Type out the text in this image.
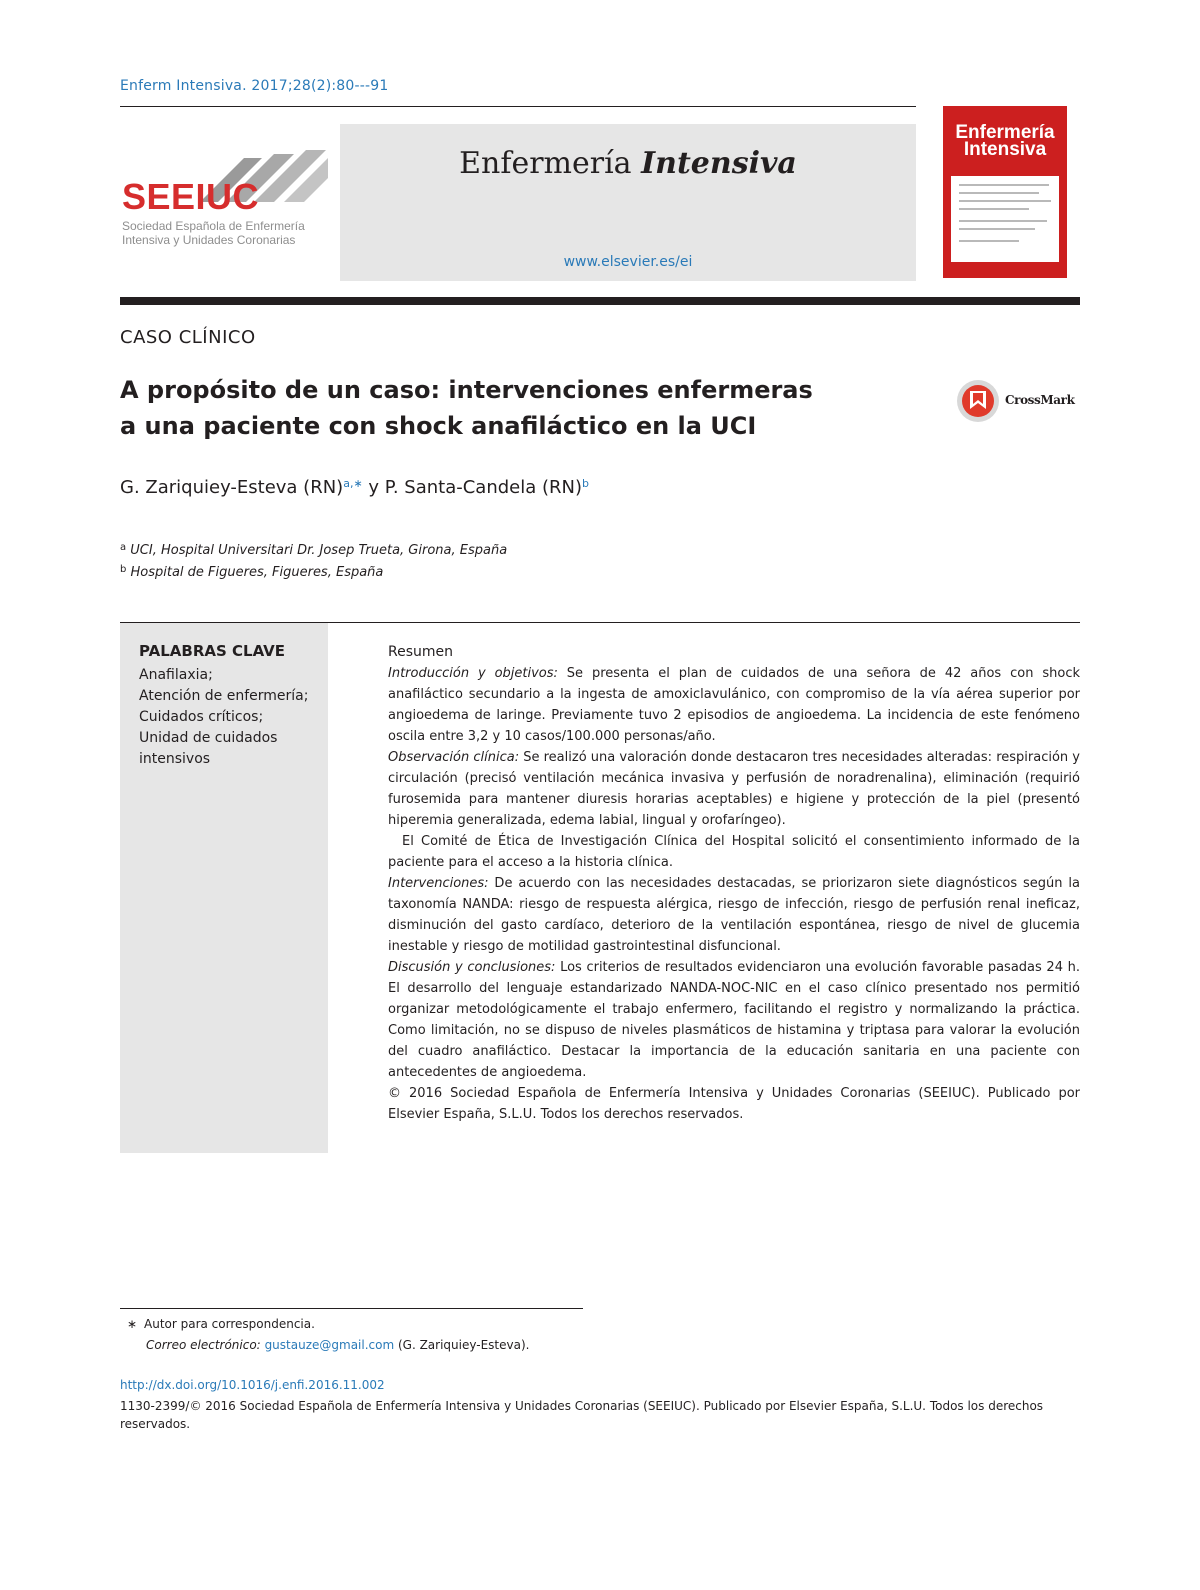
Enferm Intensiva. 2017;28(2):80---91
SEEIUC
Sociedad Española de Enfermería
Intensiva y Unidades Coronarias
Enfermería Intensiva
www.elsevier.es/ei
Enfermería
Intensiva
CASO CLÍNICO
A propósito de un caso: intervenciones enfermeras
a una paciente con shock anafiláctico en la UCI
CrossMark
G. Zariquiey-Esteva (RN)$^{a,∗}$ y P. Santa-Candela (RN)$^b$
$^a$ UCI, Hospital Universitari Dr. Josep Trueta, Girona, España
$^b$ Hospital de Figueres, Figueres, España
PALABRAS CLAVE
Anafilaxia;
Atención de enfermería;
Cuidados críticos;
Unidad de cuidados intensivos
Resumen

Introducción y objetivos: Se presenta el plan de cuidados de una señora de 42 años con shock anafiláctico secundario a la ingesta de amoxiclavulánico, con compromiso de la vía aérea superior por angioedema de laringe. Previamente tuvo 2 episodios de angioedema. La incidencia de este fenómeno oscila entre 3,2 y 10 casos/100.000 personas/año.

Observación clínica: Se realizó una valoración donde destacaron tres necesidades alteradas: respiración y circulación (precisó ventilación mecánica invasiva y perfusión de noradrenalina), eliminación (requirió furosemida para mantener diuresis horarias aceptables) e higiene y protección de la piel (presentó hiperemia generalizada, edema labial, lingual y orofaríngeo).

El Comité de Ética de Investigación Clínica del Hospital solicitó el consentimiento informado de la paciente para el acceso a la historia clínica.

Intervenciones: De acuerdo con las necesidades destacadas, se priorizaron siete diagnósticos según la taxonomía NANDA: riesgo de respuesta alérgica, riesgo de infección, riesgo de perfusión renal ineficaz, disminución del gasto cardíaco, deterioro de la ventilación espontánea, riesgo de nivel de glucemia inestable y riesgo de motilidad gastrointestinal disfuncional.

Discusión y conclusiones: Los criterios de resultados evidenciaron una evolución favorable pasadas 24 h. El desarrollo del lenguaje estandarizado NANDA-NOC-NIC en el caso clínico presentado nos permitió organizar metodológicamente el trabajo enfermero, facilitando el registro y normalizando la práctica. Como limitación, no se dispuso de niveles plasmáticos de histamina y triptasa para valorar la evolución del cuadro anafiláctico. Destacar la importancia de la educación sanitaria en una paciente con antecedentes de angioedema.

© 2016 Sociedad Española de Enfermería Intensiva y Unidades Coronarias (SEEIUC). Publicado por Elsevier España, S.L.U. Todos los derechos reservados.

∗ Autor para correspondencia.
Correo electrónico: gustauze@gmail.com (G. Zariquiey-Esteva).
http://dx.doi.org/10.1016/j.enfi.2016.11.002
1130-2399/© 2016 Sociedad Española de Enfermería Intensiva y Unidades Coronarias (SEEIUC). Publicado por Elsevier España, S.L.U. Todos los derechos reservados.
